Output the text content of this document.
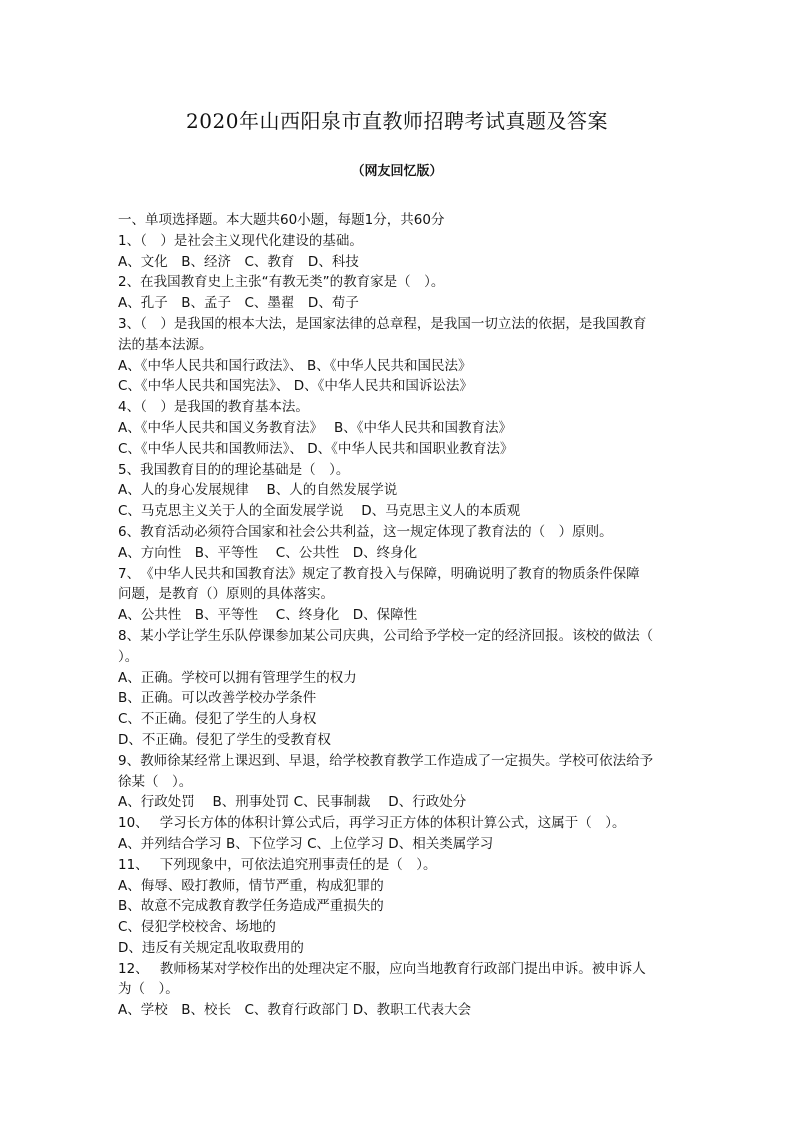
2020年山西阳泉市直教师招聘考试真题及答案
（网友回忆版）
一、单项选择题。本大题共60小题，每题1分，共60分
1、（　）是社会主义现代化建设的基础。
A、文化　B、经济　C、教育　D、科技
2、在我国教育史上主张“有教无类”的教育家是（　）。
A、孔子　B、孟子　C、墨翟　D、荀子
3、（　）是我国的根本大法，是国家法律的总章程，是我国一切立法的依据，是我国教育
法的基本法源。
A、《中华人民共和国行政法》、 B、《中华人民共和国民法》
C、《中华人民共和国宪法》、 D、《中华人民共和国诉讼法》
4、（　）是我国的教育基本法。
A、《中华人民共和国义务教育法》　 B、《中华人民共和国教育法》
C、《中华人民共和国教师法》、 D、《中华人民共和国职业教育法》
5、我国教育目的的理论基础是（　）。
A、人的身心发展规律　 B、人的自然发展学说
C、马克思主义关于人的全面发展学说　 D、马克思主义人的本质观
6、教育活动必须符合国家和社会公共利益，这一规定体现了教育法的（　）原则。
A、方向性　B、平等性　 C、公共性　D、终身化
7、　《中华人民共和国教育法》规定了教育投入与保障，明确说明了教育的物质条件保障
问题，是教育（）原则的具体落实。
A、公共性　B、平等性　 C、终身化　D、保障性
8、某小学让学生乐队停课参加某公司庆典，公司给予学校一定的经济回报。该校的做法（
）。
A、正确。学校可以拥有管理学生的权力
B、正确。可以改善学校办学条件
C、不正确。侵犯了学生的人身权
D、不正确。侵犯了学生的受教育权
9、教师徐某经常上课迟到、早退，给学校教育教学工作造成了一定损失。学校可依法给予
徐某（　）。
A、行政处罚　 B、刑事处罚 C、民事制裁　 D、行政处分
10、　 学习长方体的体积计算公式后，再学习正方体的体积计算公式，这属于（　）。
A、并列结合学习 B、下位学习 C、上位学习 D、相关类属学习
11、　 下列现象中，可依法追究刑事责任的是（　）。
A、侮辱、殴打教师，情节严重，构成犯罪的
B、故意不完成教育教学任务造成严重损失的
C、侵犯学校校舍、场地的
D、违反有关规定乱收取费用的
12、　 教师杨某对学校作出的处理决定不服，应向当地教育行政部门提出申诉。被申诉人
为（　）。
A、学校　B、校长　C、教育行政部门 D、教职工代表大会
